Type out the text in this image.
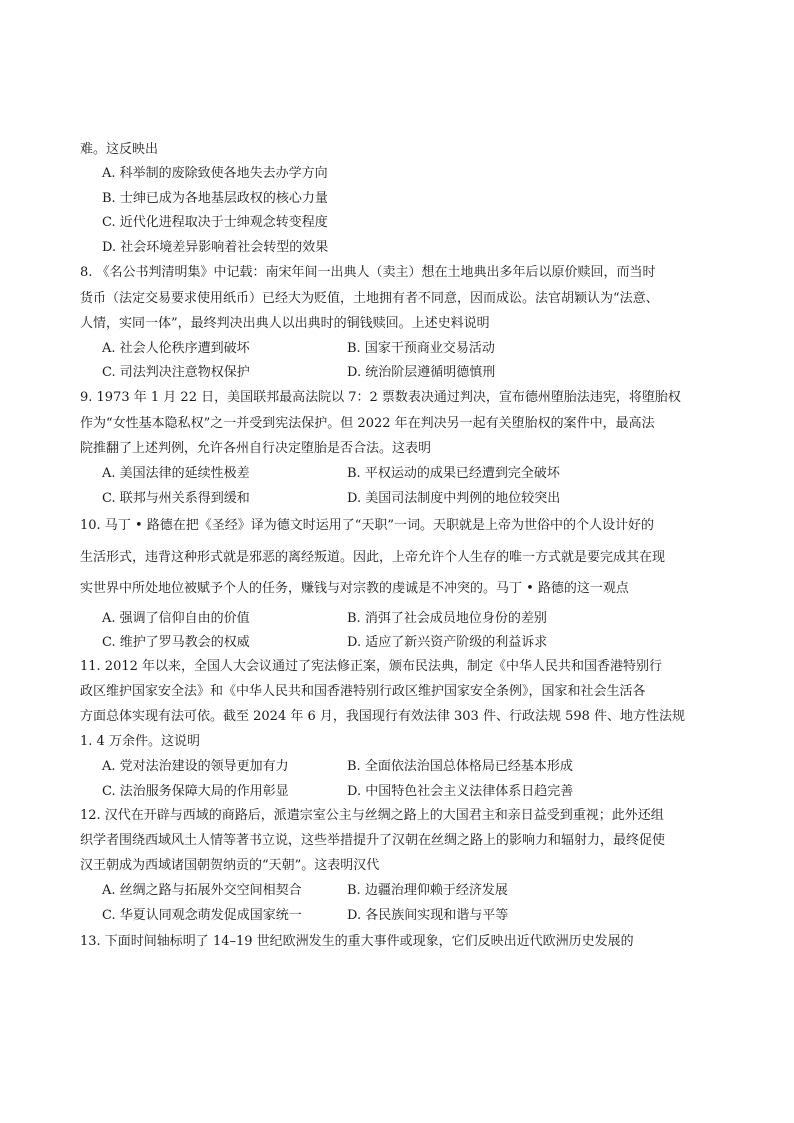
难。这反映出
A. 科举制的废除致使各地失去办学方向
B. 士绅已成为各地基层政权的核心力量
C. 近代化进程取决于士绅观念转变程度
D. 社会环境差异影响着社会转型的效果
8. 《名公书判清明集》中记载：南宋年间一出典人（卖主）想在土地典出多年后以原价赎回，而当时
货币（法定交易要求使用纸币）已经大为贬值，土地拥有者不同意，因而成讼。法官胡颖认为“法意、
人情，实同一体”，最终判决出典人以出典时的铜钱赎回。上述史料说明
A. 社会人伦秩序遭到破坏	B. 国家干预商业交易活动
C. 司法判决注意物权保护	D. 统治阶层遵循明德慎刑
9. 1973 年 1 月 22 日，美国联邦最高法院以 7：2 票数表决通过判决，宣布德州堕胎法违宪，将堕胎权
作为“女性基本隐私权”之一并受到宪法保护。但 2022 年在判决另一起有关堕胎权的案件中，最高法
院推翻了上述判例，允许各州自行决定堕胎是否合法。这表明
A. 美国法律的延续性极差	B. 平权运动的成果已经遭到完全破坏
C. 联邦与州关系得到缓和	D. 美国司法制度中判例的地位较突出
10. 马丁 • 路德在把《圣经》译为德文时运用了“天职”一词。天职就是上帝为世俗中的个人设计好的
生活形式，违背这种形式就是邪恶的离经叛道。因此，上帝允许个人生存的唯一方式就是要完成其在现
实世界中所处地位被赋予个人的任务，赚钱与对宗教的虔诚是不冲突的。马丁 • 路德的这一观点
A. 强调了信仰自由的价值	B. 消弭了社会成员地位身份的差别
C. 维护了罗马教会的权威	D. 适应了新兴资产阶级的利益诉求
11. 2012 年以来，全国人大会议通过了宪法修正案，颁布民法典，制定《中华人民共和国香港特别行
政区维护国家安全法》和《中华人民共和国香港特别行政区维护国家安全条例》，国家和社会生活各
方面总体实现有法可依。截至 2024 年 6 月，我国现行有效法律 303 件、行政法规 598 件、地方性法规
1. 4 万余件。这说明
A. 党对法治建设的领导更加有力	B. 全面依法治国总体格局已经基本形成
C. 法治服务保障大局的作用彰显	D. 中国特色社会主义法律体系日趋完善
12. 汉代在开辟与西域的商路后，派遣宗室公主与丝绸之路上的大国君主和亲日益受到重视；此外还组
织学者围绕西域风土人情等著书立说，这些举措提升了汉朝在丝绸之路上的影响力和辐射力，最终促使
汉王朝成为西域诸国朝贺纳贡的“天朝”。这表明汉代
A. 丝绸之路与拓展外交空间相契合	B. 边疆治理仰赖于经济发展
C. 华夏认同观念萌发促成国家统一	D. 各民族间实现和谐与平等
13. 下面时间轴标明了 14–19 世纪欧洲发生的重大事件或现象，它们反映出近代欧洲历史发展的
